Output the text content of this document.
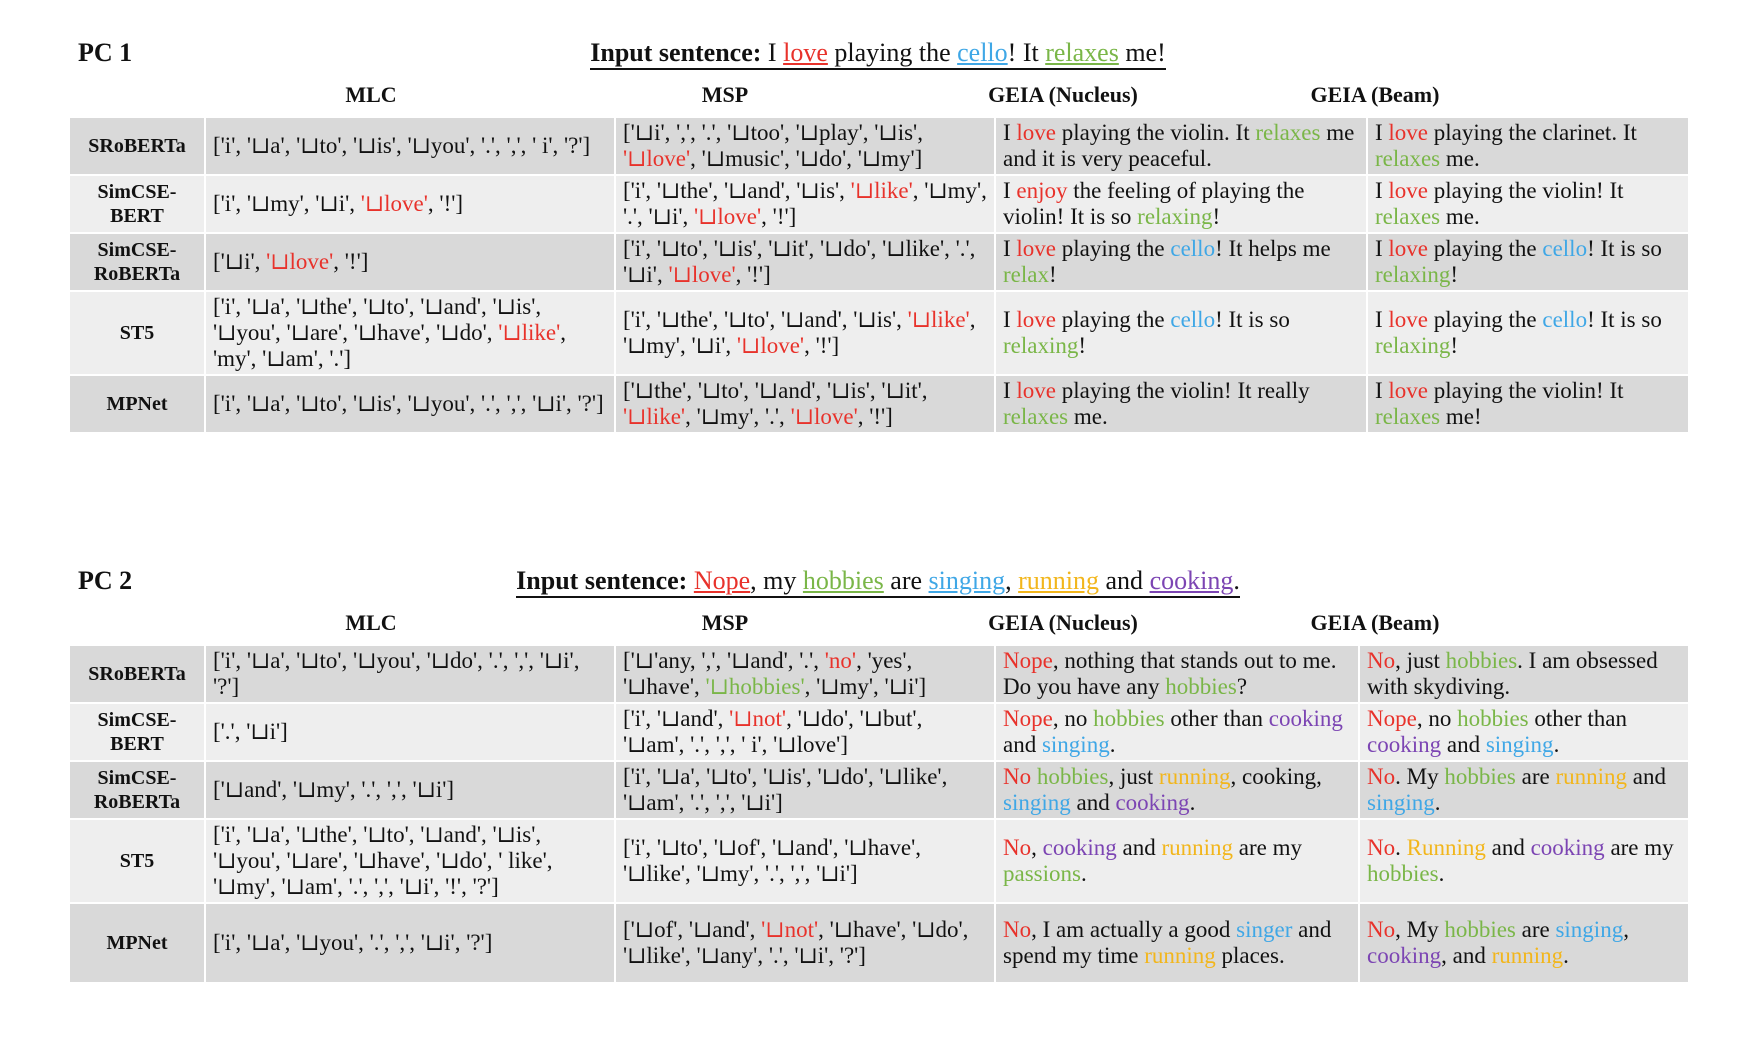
PC 1	Input sentence: I love playing the cello! It relaxes me!
MLC	MSP	GEIA (Nucleus)	GEIA (Beam)
SRoBERTa	['i', '⊔a', '⊔to', '⊔is', '⊔you', '.', ',', ' i', '?']	['⊔i', ',', '.', '⊔too', '⊔play', '⊔is', '⊔love', '⊔music', '⊔do', '⊔my']	I love playing the violin. It relaxes me and it is very peaceful.	I love playing the clarinet. It relaxes me.
SimCSE-BERT	['i', '⊔my', '⊔i', '⊔love', '!']	['i', '⊔the', '⊔and', '⊔is', '⊔like', '⊔my', '.', '⊔i', '⊔love', '!']	I enjoy the feeling of playing the violin! It is so relaxing!	I love playing the violin! It relaxes me.
SimCSE-RoBERTa	['⊔i', '⊔love', '!']	['i', '⊔to', '⊔is', '⊔it', '⊔do', '⊔like', '.', '⊔i', '⊔love', '!']	I love playing the cello! It helps me relax!	I love playing the cello! It is so relaxing!
ST5	['i', '⊔a', '⊔the', '⊔to', '⊔and', '⊔is', '⊔you', '⊔are', '⊔have', '⊔do', '⊔like', 'my', '⊔am', '.']	['i', '⊔the', '⊔to', '⊔and', '⊔is', '⊔like', '⊔my', '⊔i', '⊔love', '!']	I love playing the cello! It is so relaxing!	I love playing the cello! It is so relaxing!
MPNet	['i', '⊔a', '⊔to', '⊔is', '⊔you', '.', ',', '⊔i', '?']	['⊔the', '⊔to', '⊔and', '⊔is', '⊔it', '⊔like', '⊔my', '.', '⊔love', '!']	I love playing the violin! It really relaxes me.	I love playing the violin! It relaxes me!
PC 2	Input sentence: Nope, my hobbies are singing, running and cooking.
MLC	MSP	GEIA (Nucleus)	GEIA (Beam)
SRoBERTa	['i', '⊔a', '⊔to', '⊔you', '⊔do', '.', ',', '⊔i', '?']	['⊔'any, ',', '⊔and', '.', 'no', 'yes', '⊔have', '⊔hobbies', '⊔my', '⊔i']	Nope, nothing that stands out to me. Do you have any hobbies?	No, just hobbies. I am obsessed with skydiving.
SimCSE-BERT	['.', '⊔i']	['i', '⊔and', '⊔not', '⊔do', '⊔but', '⊔am', '.', ',', ' i', '⊔love']	Nope, no hobbies other than cooking and singing.	Nope, no hobbies other than cooking and singing.
SimCSE-RoBERTa	['⊔and', '⊔my', '.', ',', '⊔i']	['i', '⊔a', '⊔to', '⊔is', '⊔do', '⊔like', '⊔am', '.', ',', '⊔i']	No hobbies, just running, cooking, singing and cooking.	No. My hobbies are running and singing.
ST5	['i', '⊔a', '⊔the', '⊔to', '⊔and', '⊔is', '⊔you', '⊔are', '⊔have', '⊔do', ' like', '⊔my', '⊔am', '.', ',', '⊔i', '!', '?']	['i', '⊔to', '⊔of', '⊔and', '⊔have', '⊔like', '⊔my', '.', ',', '⊔i']	No, cooking and running are my passions.	No. Running and cooking are my hobbies.
MPNet	['i', '⊔a', '⊔you', '.', ',', '⊔i', '?']	['⊔of', '⊔and', '⊔not', '⊔have', '⊔do', '⊔like', '⊔any', '.', '⊔i', '?']	No, I am actually a good singer and spend my time running places.	No, My hobbies are singing, cooking, and running.
